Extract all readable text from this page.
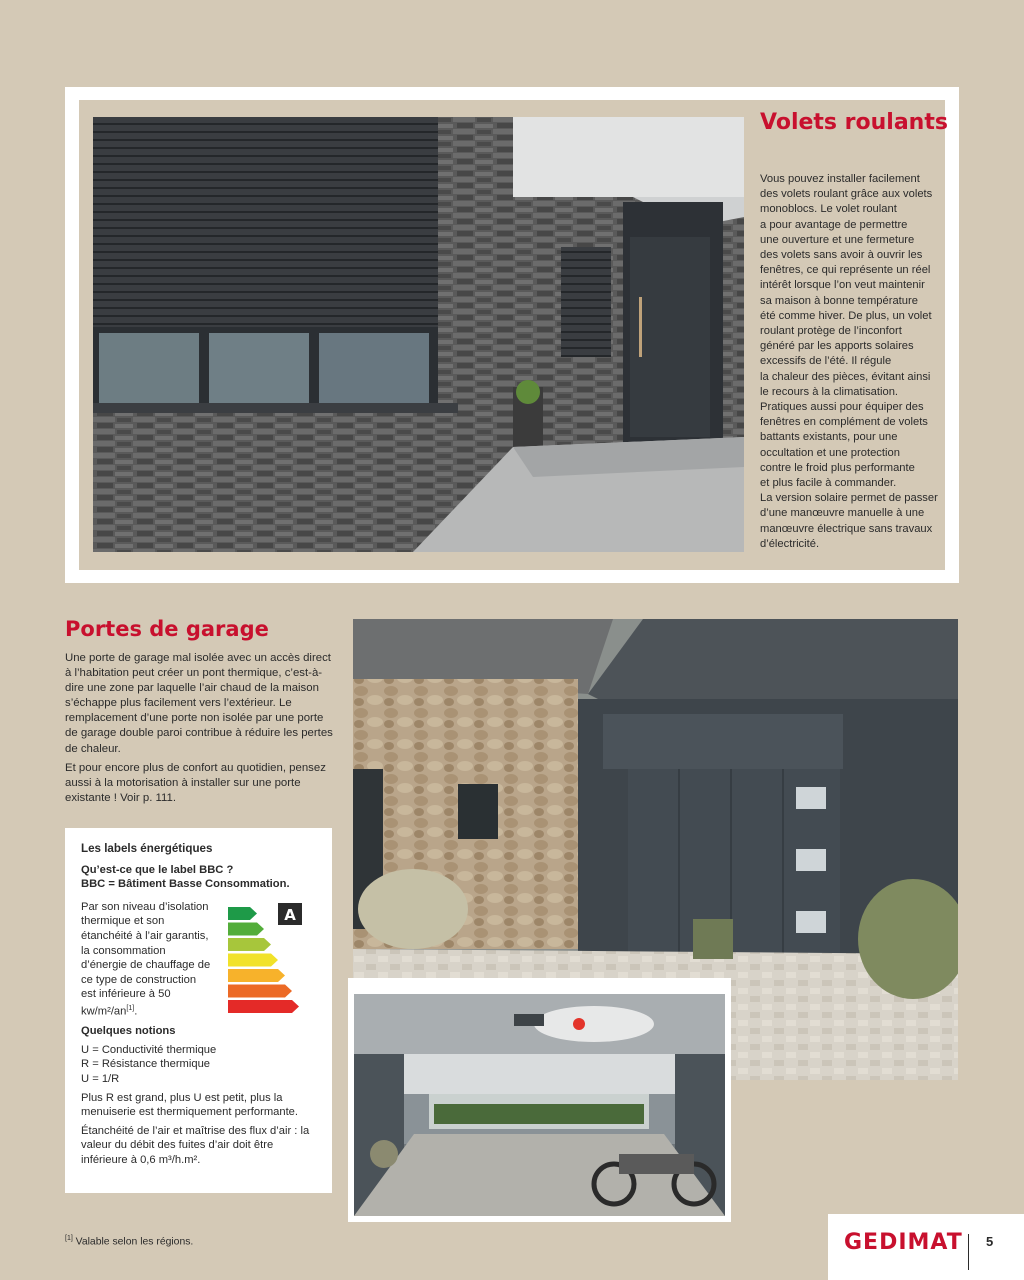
Volets roulants

Vous pouvez installer facilement

des volets roulant grâce aux volets

monoblocs. Le volet roulant

a pour avantage de permettre

une ouverture et une fermeture

des volets sans avoir à ouvrir les

fenêtres, ce qui représente un réel

intérêt lorsque l’on veut maintenir

sa maison à bonne température

été comme hiver. De plus, un volet

roulant protège de l’inconfort

généré par les apports solaires

excessifs de l’été. Il régule

la chaleur des pièces, évitant ainsi

le recours à la climatisation.

Pratiques aussi pour équiper des

fenêtres en complément de volets

battants existants, pour une

occultation et une protection

contre le froid plus performante

et plus facile à commander.

La version solaire permet de passer

d’une manœuvre manuelle à une

manœuvre électrique sans travaux

d’électricité.

Portes de garage

Une porte de garage mal isolée avec un accès direct à l’habitation peut créer un pont thermique, c’est-à-dire une zone par laquelle l’air chaud de la maison s’échappe plus facilement vers l’extérieur. Le remplacement d’une porte non isolée par une porte de garage double paroi contribue à réduire les pertes de chaleur.

Et pour encore plus de confort au quotidien, pensez aussi à la motorisation à installer sur une porte existante ! Voir p. 111.

Les labels énergétiques
Qu’est-ce que le label BBC ?
BBC = Bâtiment Basse Consommation.
Par son niveau d’isolation thermique et son étanchéité à l’air garantis, la consommation d’énergie de chauffage de ce type de construction est inférieure à 50 kw/m²/an[1].
Quelques notions
U = Conductivité thermique
R = Résistance thermique

U = 1/R

Plus R est grand, plus U est petit, plus la menuiserie est thermiquement performante.

Étanchéité de l’air et maîtrise des flux d’air : la valeur du débit des fuites d’air doit être inférieure à 0,6 m³/h.m².

A
[1] Valable selon les régions.	GEDIMAT 5
